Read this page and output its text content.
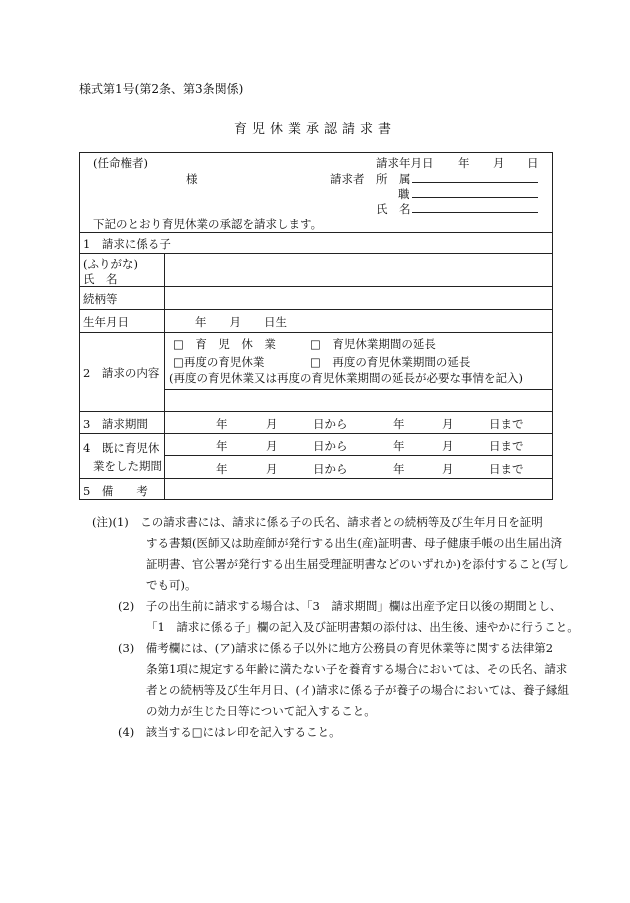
様式第1号(第2条、第3条関係)
育児休業承認請求書
(任命権者)
様
請求年月日 年 月 日
請求者 所　属
職
氏　名
下記のとおり育児休業の承認を請求します。
1　請求に係る子
(ふりがな)
氏　名
続柄等
生年月日	年　　月　　日生
2　請求の内容
□　育　児　休　業	□　育児休業期間の延長
□再度の育児休業	□　再度の育児休業期間の延長
(再度の育児休業又は再度の育児休業期間の延長が必要な事情を記入)
3　請求期間	年	月	日から	年	月	日まで
4　既に育児休
業をした期間
年	月	日から	年	月	日まで
年	月	日から	年	月	日まで
5　備　　考
(注)(1)　この請求書には、請求に係る子の氏名、請求者との続柄等及び生年月日を証明
する書類(医師又は助産師が発行する出生(産)証明書、母子健康手帳の出生届出済
証明書、官公署が発行する出生届受理証明書などのいずれか)を添付すること(写し
でも可)。
(2)　子の出生前に請求する場合は、「3　請求期間」欄は出産予定日以後の期間とし、
「1　請求に係る子」欄の記入及び証明書類の添付は、出生後、速やかに行うこと。
(3)　備考欄には、(ア)請求に係る子以外に地方公務員の育児休業等に関する法律第2
条第1項に規定する年齢に満たない子を養育する場合においては、その氏名、請求
者との続柄等及び生年月日、(イ)請求に係る子が養子の場合においては、養子縁組
の効力が生じた日等について記入すること。
(4)　該当する□にはレ印を記入すること。
